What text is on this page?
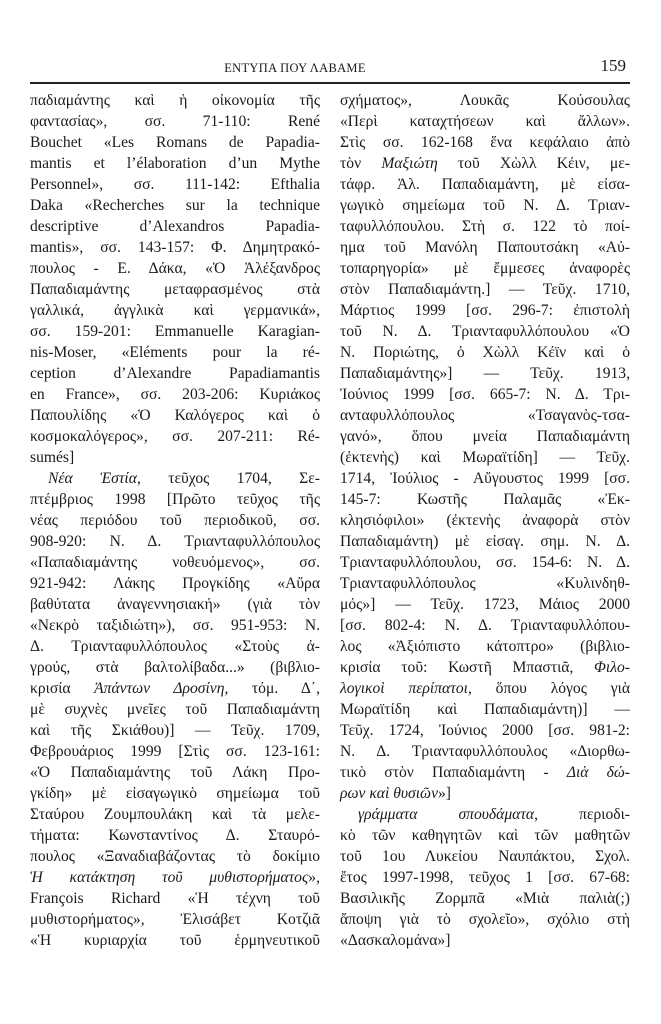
ΕΝΤΥΠΑ ΠΟΥ ΛΑΒΑΜΕ	159
παδιαμάντης καὶ ἡ οἰκονομία τῆς
φαντασίας», σσ. 71-110: René
Bouchet «Les Romans de Papadia-
mantis et l’élaboration d’un Mythe
Personnel», σσ. 111-142: Efthalia
Daka «Recherches sur la technique
descriptive d’Alexandros Papadia-
mantis», σσ. 143-157: Φ. Δημητρακό-
πουλος - Ε. Δάκα, «Ὁ Ἀλέξανδρος
Παπαδιαμάντης μεταφρασμένος στὰ
γαλλικά, ἀγγλικὰ καὶ γερμανικά»,
σσ. 159-201: Emmanuelle Karagian-
nis-Moser, «Eléments pour la ré-
ception d’Alexandre Papadiamantis
en France», σσ. 203-206: Κυριάκος
Παπουλίδης «Ὁ Καλόγερος καὶ ὁ
κοσμοκαλόγερος», σσ. 207-211: Ré-
sumés]
Νέα Ἑστία, τεῦχος 1704, Σε-
πτέμβριος 1998 [Πρῶτο τεῦχος τῆς
νέας περιόδου τοῦ περιοδικοῦ, σσ.
908-920: Ν. Δ. Τριανταφυλλόπουλος
«Παπαδιαμάντης νοθευόμενος», σσ.
921-942: Λάκης Προγκίδης «Αὔρα
βαθύτατα ἀναγεννησιακή» (γιὰ τὸν
«Νεκρὸ ταξιδιώτη»), σσ. 951-953: Ν.
Δ. Τριανταφυλλόπουλος «Στοὺς ἀ-
γρούς, στὰ βαλτολίβαδα...» (βιβλιο-
κρισία Ἀπάντων Δροσίνη, τόμ. Δ΄,
μὲ συχνὲς μνεῖες τοῦ Παπαδιαμάντη
καὶ τῆς Σκιάθου)] — Τεῦχ. 1709,
Φεβρουάριος 1999 [Στὶς σσ. 123-161:
«Ὁ Παπαδιαμάντης τοῦ Λάκη Προ-
γκίδη» μὲ εἰσαγωγικὸ σημείωμα τοῦ
Σταύρου Ζουμπουλάκη καὶ τὰ μελε-
τήματα: Κωνσταντίνος Δ. Σταυρό-
πουλος «Ξαναδιαβάζοντας τὸ δοκίμιο
Ἡ κατάκτηση τοῦ μυθιστορήματος»,
François Richard «Ἡ τέχνη τοῦ
μυθιστορήματος», Ἐλισάβετ Κοτζιᾶ
«Ἡ κυριαρχία τοῦ ἑρμηνευτικοῦ
σχήματος», Λουκᾶς Κούσουλας
«Περὶ καταχτήσεων καὶ ἄλλων».
Στὶς σσ. 162-168 ἕνα κεφάλαιο ἀπὸ
τὸν Μαξιώτη τοῦ Χὼλλ Κέιν, με-
τάφρ. Ἀλ. Παπαδιαμάντη, μὲ εἰσα-
γωγικὸ σημείωμα τοῦ Ν. Δ. Τριαν-
ταφυλλόπουλου. Στὴ σ. 122 τὸ ποί-
ημα τοῦ Μανόλη Παπουτσάκη «Αὐ-
τοπαρηγορία» μὲ ἔμμεσες ἀναφορὲς
στὸν Παπαδιαμάντη.] — Τεῦχ. 1710,
Μάρτιος 1999 [σσ. 296-7: ἐπιστολὴ
τοῦ Ν. Δ. Τριανταφυλλόπουλου «Ὁ
Ν. Ποριώτης, ὁ Χὼλλ Κέϊν καὶ ὁ
Παπαδιαμάντης»] — Τεῦχ. 1913,
Ἰούνιος 1999 [σσ. 665-7: Ν. Δ. Τρι-
ανταφυλλόπουλος «Τσαγανὸς-τσα-
γανό», ὅπου μνεία Παπαδιαμάντη
(ἐκτενὴς) καὶ Μωραϊτίδη] — Τεῦχ.
1714, Ἰούλιος - Αὔγουστος 1999 [σσ.
145-7: Κωστῆς Παλαμᾶς «Ἐκ-
κλησιόφιλοι» (ἐκτενὴς ἀναφορὰ στὸν
Παπαδιαμάντη) μὲ εἰσαγ. σημ. Ν. Δ.
Τριανταφυλλόπουλου, σσ. 154-6: Ν. Δ.
Τριανταφυλλόπουλος «Κυλινδηθ-
μός»] — Τεῦχ. 1723, Μάιος 2000
[σσ. 802-4: Ν. Δ. Τριανταφυλλόπου-
λος «Ἀξιόπιστο κάτοπτρο» (βιβλιο-
κρισία τοῦ: Κωστῆ Μπαστιᾶ, Φιλο-
λογικοὶ περίπατοι, ὅπου λόγος γιὰ
Μωραϊτίδη καὶ Παπαδιαμάντη)] —
Τεῦχ. 1724, Ἰούνιος 2000 [σσ. 981-2:
Ν. Δ. Τριανταφυλλόπουλος «Διορθω-
τικὸ στὸν Παπαδιαμάντη - Διὰ δώ-
ρων καὶ θυσιῶν»]
γράμματα σπουδάματα, περιοδι-
κὸ τῶν καθηγητῶν καὶ τῶν μαθητῶν
τοῦ 1ου Λυκείου Ναυπάκτου, Σχολ.
ἔτος 1997-1998, τεῦχος 1 [σσ. 67-68:
Βασιλικῆς Ζορμπᾶ «Μιὰ παλιὰ(;)
ἄποψη γιὰ τὸ σχολεῖο», σχόλιο στὴ
«Δασκαλομάνα»]
